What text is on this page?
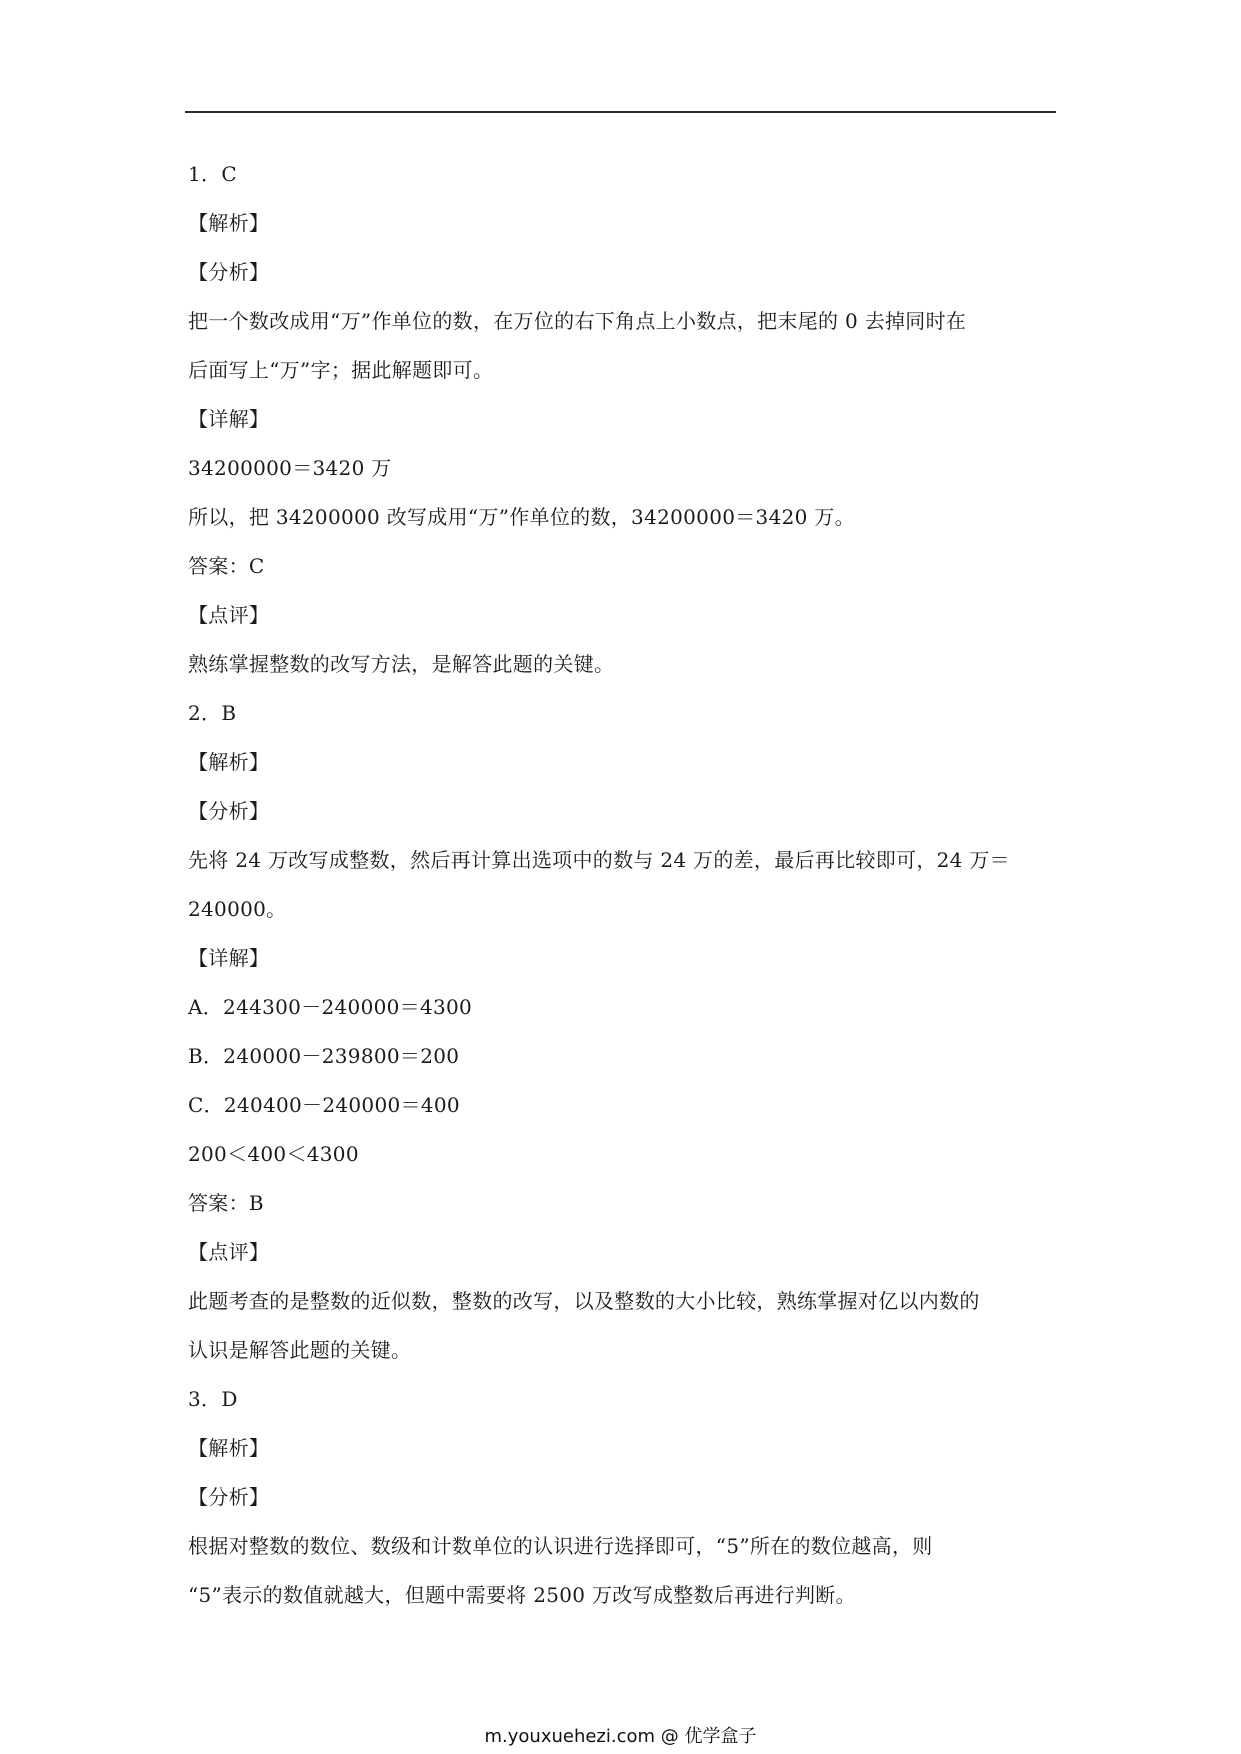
1．C
【解析】
【分析】
把一个数改成用“万”作单位的数，在万位的右下角点上小数点，把末尾的 0 去掉同时在
后面写上“万”字；据此解题即可。
【详解】
34200000＝3420 万
所以，把 34200000 改写成用“万”作单位的数，34200000＝3420 万。
答案：C
【点评】
熟练掌握整数的改写方法，是解答此题的关键。
2．B
【解析】
【分析】
先将 24 万改写成整数，然后再计算出选项中的数与 24 万的差，最后再比较即可，24 万＝
240000。
【详解】
A．244300－240000＝4300
B．240000－239800＝200
C．240400－240000＝400
200＜400＜4300
答案：B
【点评】
此题考查的是整数的近似数，整数的改写，以及整数的大小比较，熟练掌握对亿以内数的
认识是解答此题的关键。
3．D
【解析】
【分析】
根据对整数的数位、数级和计数单位的认识进行选择即可，“5”所在的数位越高，则
“5”表示的数值就越大，但题中需要将 2500 万改写成整数后再进行判断。
m.youxuehezi.com @ 优学盒子
